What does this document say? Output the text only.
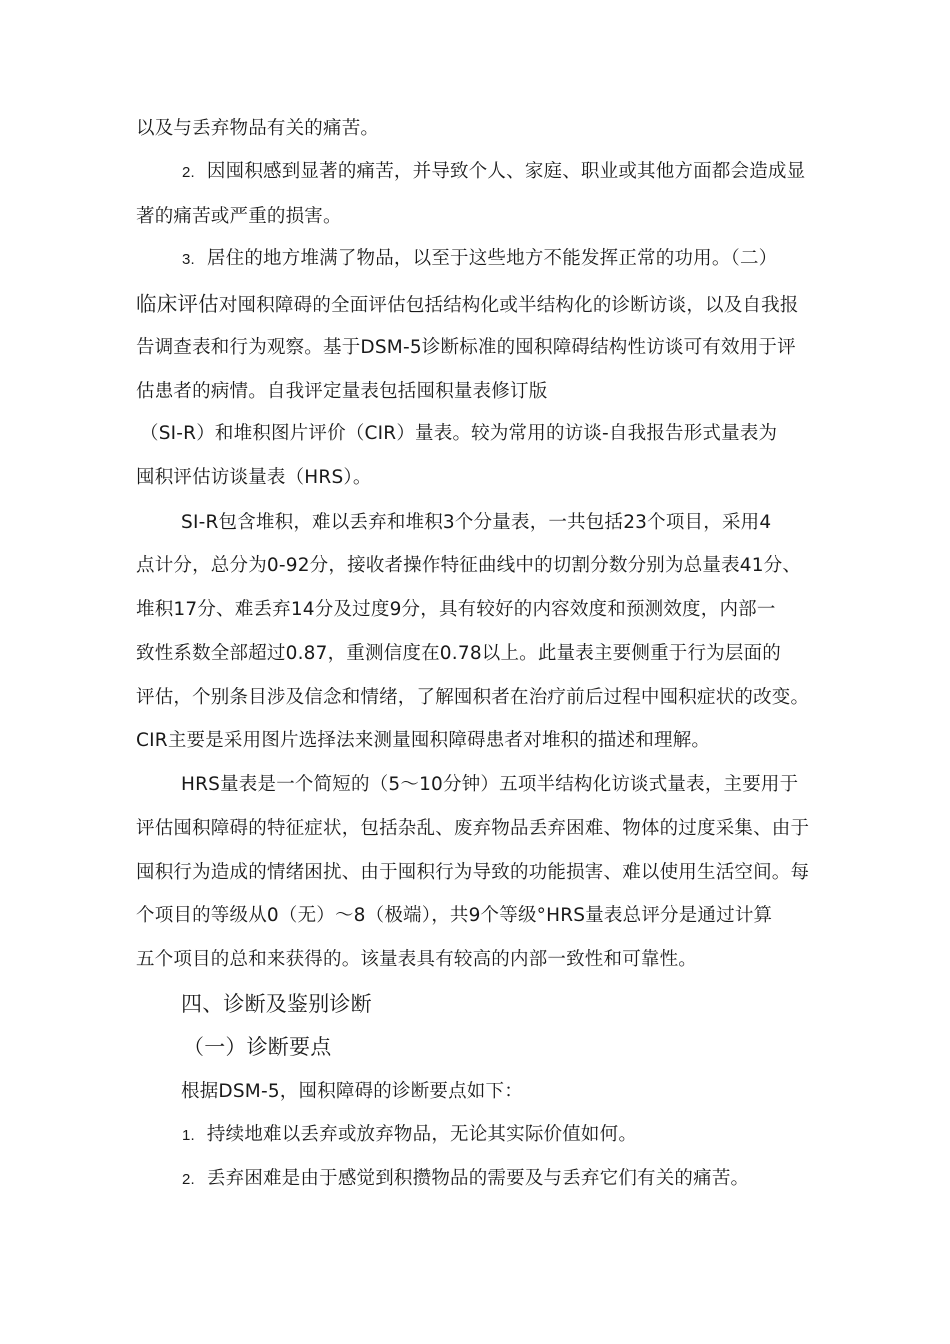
以及与丢弃物品有关的痛苦。
2. 因囤积感到显著的痛苦，并导致个人、家庭、职业或其他方面都会造成显
著的痛苦或严重的损害。
3. 居住的地方堆满了物品，以至于这些地方不能发挥正常的功用。（二）
临床评估对囤积障碍的全面评估包括结构化或半结构化的诊断访谈，以及自我报
告调查表和行为观察。基于DSM-5诊断标准的囤积障碍结构性访谈可有效用于评
估患者的病情。自我评定量表包括囤积量表修订版
（SI-R）和堆积图片评价（CIR）量表。较为常用的访谈-自我报告形式量表为
囤积评估访谈量表（HRS）。
SI-R包含堆积，难以丢弃和堆积3个分量表，一共包括23个项目，采用4
点计分，总分为0-92分，接收者操作特征曲线中的切割分数分别为总量表41分、
堆积17分、难丢弃14分及过度9分，具有较好的内容效度和预测效度，内部一
致性系数全部超过0.87，重测信度在0.78以上。此量表主要侧重于行为层面的
评估，个别条目涉及信念和情绪，了解囤积者在治疗前后过程中囤积症状的改变。
CIR主要是采用图片选择法来测量囤积障碍患者对堆积的描述和理解。
HRS量表是一个简短的（5〜10分钟）五项半结构化访谈式量表，主要用于
评估囤积障碍的特征症状，包括杂乱、废弃物品丢弃困难、物体的过度采集、由于
囤积行为造成的情绪困扰、由于囤积行为导致的功能损害、难以使用生活空间。每
个项目的等级从0（无）〜8（极端），共9个等级°HRS量表总评分是通过计算
五个项目的总和来获得的。该量表具有较高的内部一致性和可靠性。
四、诊断及鉴别诊断
（一）诊断要点
根据DSM-5，囤积障碍的诊断要点如下：
1. 持续地难以丢弃或放弃物品，无论其实际价值如何。
2. 丢弃困难是由于感觉到积攒物品的需要及与丢弃它们有关的痛苦。
